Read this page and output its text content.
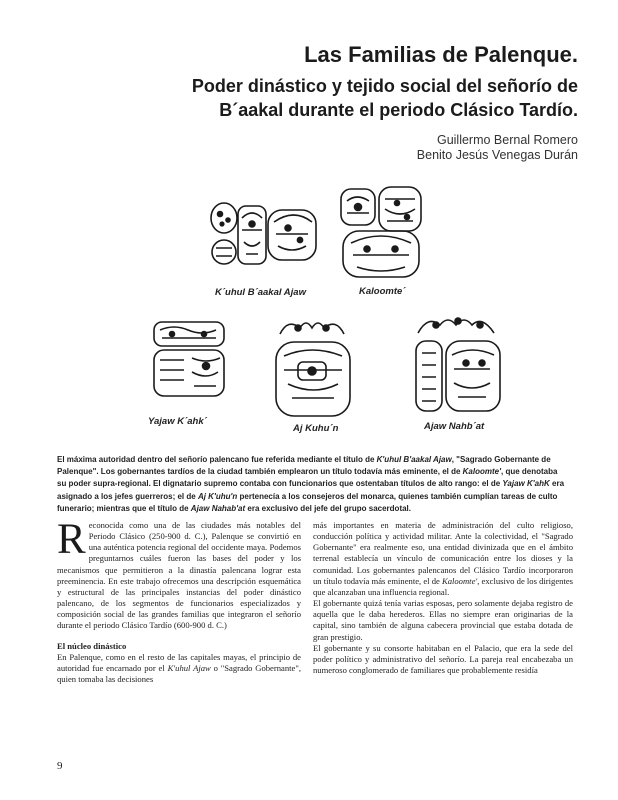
Las Familias de Palenque.
Poder dinástico y tejido social del señorío de
B´aakal durante el periodo Clásico Tardío.
Guillermo Bernal Romero
Benito Jesús Venegas Durán
K´uhul B´aakal Ajaw	Kaloomte´
Yajaw K´ahk´
Aj Kuhu´n	Ajaw Nahb´at

El máxima autoridad dentro del señorío palencano fue referida mediante el título de K'uhul B'aakal Ajaw, "Sagrado Gobernante de Palenque". Los gobernantes tardíos de la ciudad también emplearon un título todavía más eminente, el de Kaloomte', que denotaba su poder supra-regional. El dignatario supremo contaba con funcionarios que ostentaban títulos de alto rango: el de Yajaw K'ahK era asignado a los jefes guerreros; el de Aj K'uhu'n pertenecía a los consejeros del monarca, quienes también cumplían tareas de culto funerario; mientras que el título de Ajaw Nahab'at era exclusivo del jefe del grupo sacerdotal.

Reconocida como una de las ciudades más notables del Periodo Clásico (250-900 d. C.), Palenque se convirtió en una auténtica potencia regional del occidente maya. Podemos preguntarnos cuáles fueron las bases del poder y los mecanismos que permitieron a la dinastía palencana lograr esta preeminencia. En este trabajo ofrecemos una descripción esquemática y estructural de las principales instancias del poder dinástico palencano, de los segmentos de funcionarios especializados y composición social de las grandes familias que integraron el señorío durante el periodo Clásico Tardío (600-900 d. C.)

El núcleo dinástico

En Palenque, como en el resto de las capitales mayas, el principio de autoridad fue encarnado por el K'uhul Ajaw o "Sagrado Gobernante", quien tomaba las decisiones

más importantes en materia de administración del culto religioso, conducción política y actividad militar. Ante la colectividad, el "Sagrado Gobernante" era realmente eso, una entidad divinizada que en el ámbito terrenal establecía un vínculo de comunicación entre los dioses y la comunidad. Los gobernantes palencanos del Clásico Tardío incorporaron un título todavía más eminente, el de Kaloomte', exclusivo de los dirigentes que alcanzaban una influencia regional.

El gobernante quizá tenía varias esposas, pero solamente dejaba registro de aquella que le daba herederos. Ellas no siempre eran originarias de la capital, sino también de alguna cabecera provincial que estaba dotada de gran prestigio.

El gobernante y su consorte habitaban en el Palacio, que era la sede del poder político y administrativo del señorío. La pareja real encabezaba un numeroso conglomerado de familiares que probablemente residía

9
